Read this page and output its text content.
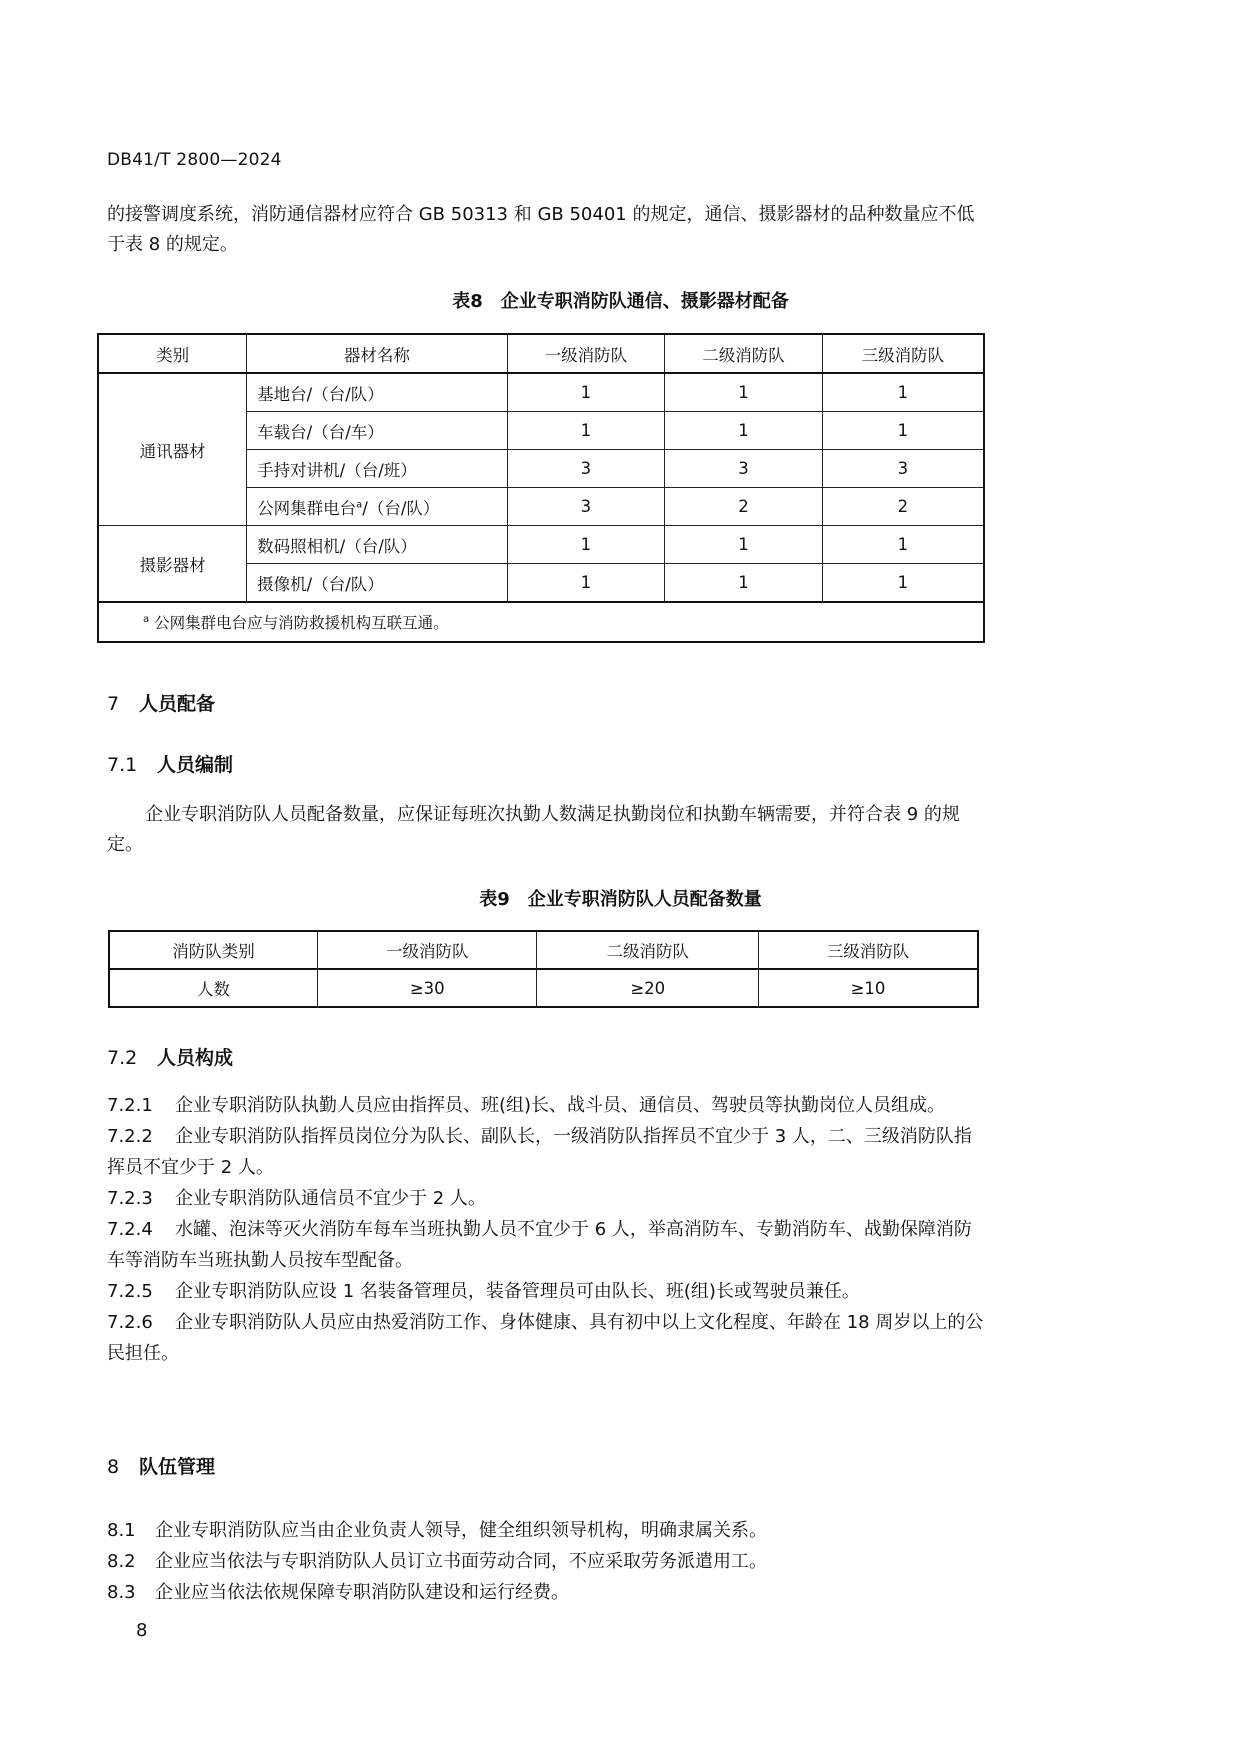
DB41/T 2800—2024
的接警调度系统，消防通信器材应符合 GB 50313 和 GB 50401 的规定，通信、摄影器材的品种数量应不低于表 8 的规定。
表8　企业专职消防队通信、摄影器材配备
类别	器材名称	一级消防队	二级消防队	三级消防队
通讯器材	基地台/（台/队）	1	1	1
	车载台/（台/车）	1	1	1
	手持对讲机/（台/班）	3	3	3
	公网集群电台$^a$/（台/队）	3	2	2
摄影器材	数码照相机/（台/队）	1	1	1
	摄像机/（台/队）	1	1	1
$^a$ 公网集群电台应与消防救援机构互联互通。				
7 人员配备
7.1 人员编制
企业专职消防队人员配备数量，应保证每班次执勤人数满足执勤岗位和执勤车辆需要，并符合表 9 的规定。
表9　企业专职消防队人员配备数量
消防队类别	一级消防队	二级消防队	三级消防队
人数	≥30	≥20	≥10
7.2 人员构成
7.2.1 企业专职消防队执勤人员应由指挥员、班(组)长、战斗员、通信员、驾驶员等执勤岗位人员组成。
7.2.2 企业专职消防队指挥员岗位分为队长、副队长，一级消防队指挥员不宜少于 3 人，二、三级消防队指挥员不宜少于 2 人。
7.2.3 企业专职消防队通信员不宜少于 2 人。
7.2.4 水罐、泡沫等灭火消防车每车当班执勤人员不宜少于 6 人，举高消防车、专勤消防车、战勤保障消防车等消防车当班执勤人员按车型配备。
7.2.5 企业专职消防队应设 1 名装备管理员，装备管理员可由队长、班(组)长或驾驶员兼任。
7.2.6 企业专职消防队人员应由热爱消防工作、身体健康、具有初中以上文化程度、年龄在 18 周岁以上的公民担任。
8 队伍管理
8.1 企业专职消防队应当由企业负责人领导，健全组织领导机构，明确隶属关系。
8.2 企业应当依法与专职消防队人员订立书面劳动合同，不应采取劳务派遣用工。
8.3 企业应当依法依规保障专职消防队建设和运行经费。
8
